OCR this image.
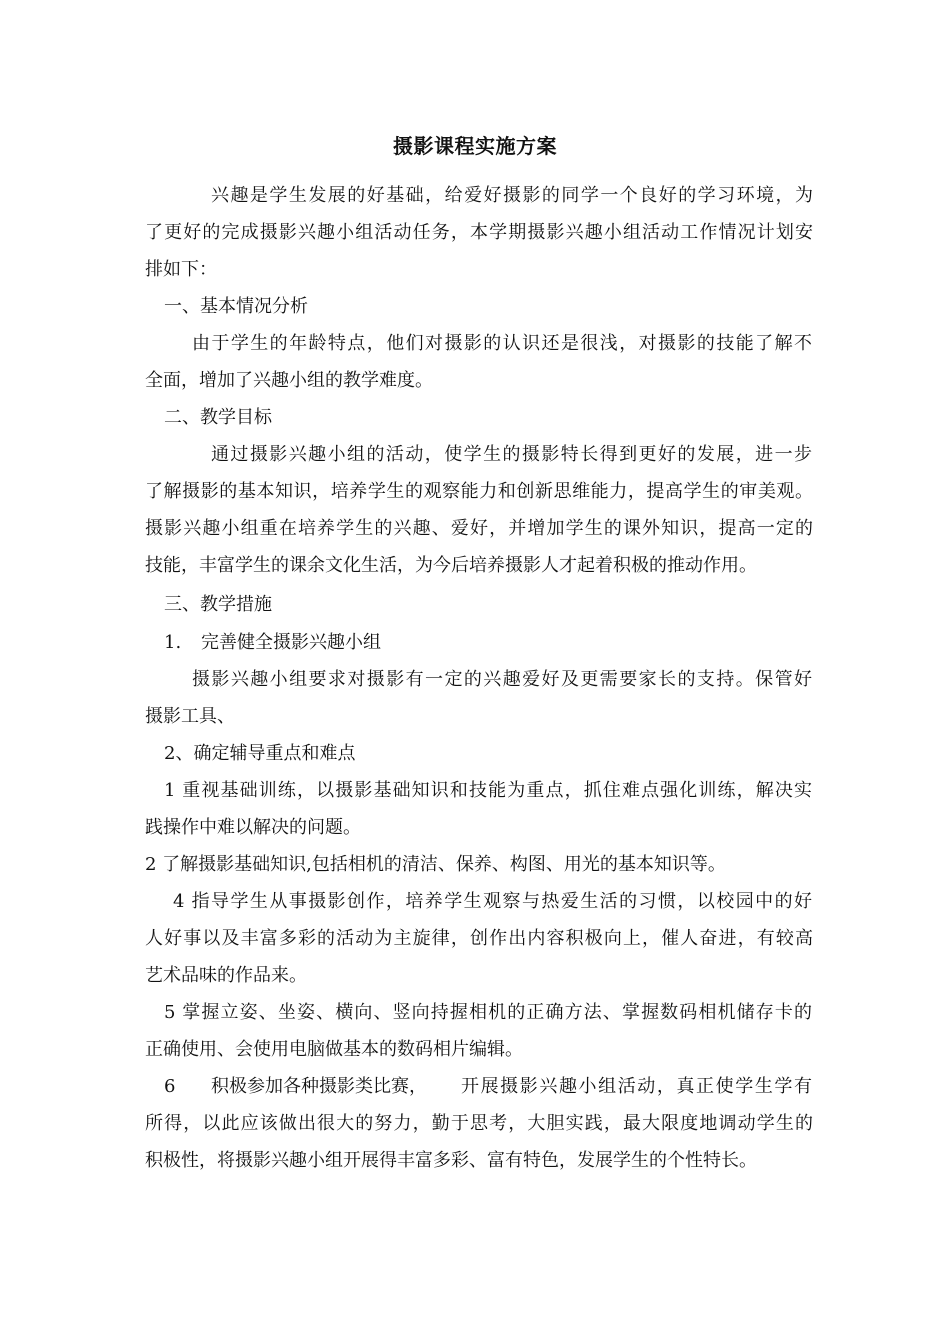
摄影课程实施方案
兴趣是学生发展的好基础，给爱好摄影的同学一个良好的学习环境，为
了更好的完成摄影兴趣小组活动任务，本学期摄影兴趣小组活动工作情况计划安
排如下：
一、基本情况分析
由于学生的年龄特点，他们对摄影的认识还是很浅，对摄影的技能了解不
全面，增加了兴趣小组的教学难度。
二、教学目标
通过摄影兴趣小组的活动，使学生的摄影特长得到更好的发展，进一步
了解摄影的基本知识，培养学生的观察能力和创新思维能力，提高学生的审美观。
摄影兴趣小组重在培养学生的兴趣、爱好，并增加学生的课外知识，提高一定的
技能，丰富学生的课余文化生活，为今后培养摄影人才起着积极的推动作用。
三、教学措施
1. 完善健全摄影兴趣小组
摄影兴趣小组要求对摄影有一定的兴趣爱好及更需要家长的支持。保管好
摄影工具、
2、确定辅导重点和难点
1 重视基础训练，以摄影基础知识和技能为重点，抓住难点强化训练，解决实
践操作中难以解决的问题。
2 了解摄影基础知识,包括相机的清洁、保养、构图、用光的基本知识等。
4 指导学生从事摄影创作，培养学生观察与热爱生活的习惯，以校园中的好
人好事以及丰富多彩的活动为主旋律，创作出内容积极向上，催人奋进，有较高
艺术品味的作品来。
5 掌握立姿、坐姿、横向、竖向持握相机的正确方法、掌握数码相机储存卡的
正确使用、会使用电脑做基本的数码相片编辑。
6 积极参加各种摄影类比赛， 开展摄影兴趣小组活动，真正使学生学有
所得，以此应该做出很大的努力，勤于思考，大胆实践，最大限度地调动学生的
积极性，将摄影兴趣小组开展得丰富多彩、富有特色，发展学生的个性特长。
